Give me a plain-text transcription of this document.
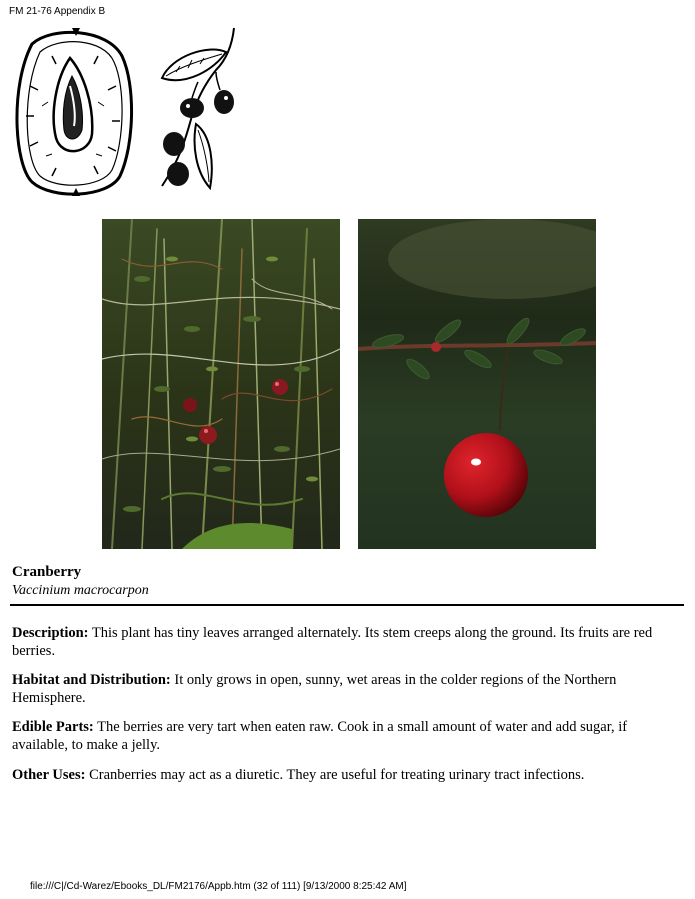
FM 21-76 Appendix B
Cranberry
Vaccinium macrocarpon
Description: This plant has tiny leaves arranged alternately. Its stem creeps along the ground. Its fruits are red berries.
Habitat and Distribution: It only grows in open, sunny, wet areas in the colder regions of the Northern Hemisphere.
Edible Parts: The berries are very tart when eaten raw. Cook in a small amount of water and add sugar, if available, to make a jelly.
Other Uses: Cranberries may act as a diuretic. They are useful for treating urinary tract infections.
file:///C|/Cd-Warez/Ebooks_DL/FM2176/Appb.htm (32 of 111) [9/13/2000 8:25:42 AM]
